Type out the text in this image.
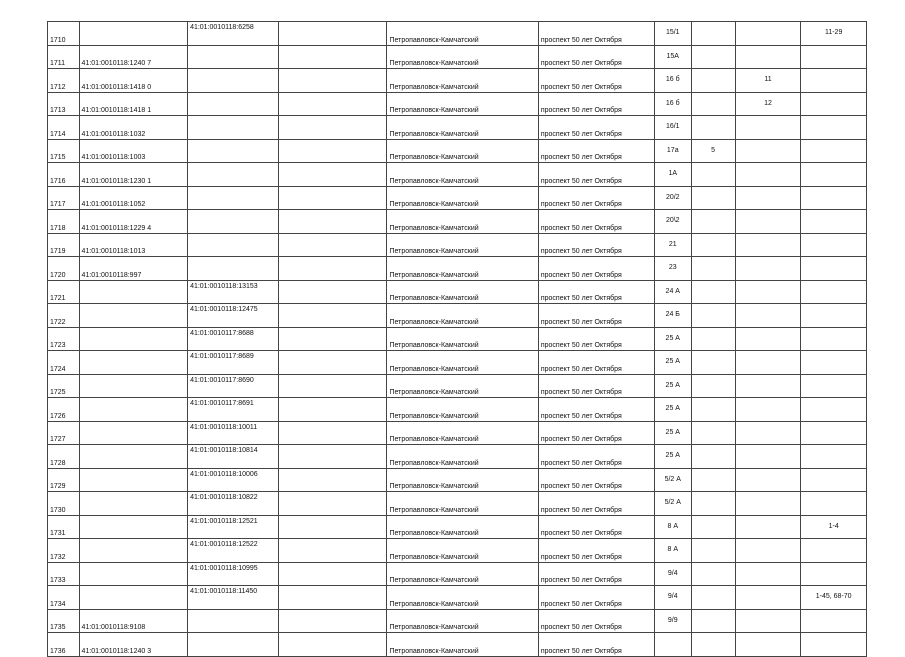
1710		41:01:0010118:6258		Петропавловск-Камчатский	проспект 50 лет Октября	15/1			11-29
1711	41:01:0010118:1240 7			Петропавловск-Камчатский	проспект 50 лет Октября	15А			
1712	41:01:0010118:1418 0			Петропавловск-Камчатский	проспект 50 лет Октября	16 б		11	
1713	41:01:0010118:1418 1			Петропавловск-Камчатский	проспект 50 лет Октября	16 б		12	
1714	41:01:0010118:1032			Петропавловск-Камчатский	проспект 50 лет Октября	16/1			
1715	41:01:0010118:1003			Петропавловск-Камчатский	проспект 50 лет Октября	17а	5		
1716	41:01:0010118:1230 1			Петропавловск-Камчатский	проспект 50 лет Октября	1А			
1717	41:01:0010118:1052			Петропавловск-Камчатский	проспект 50 лет Октября	20/2			
1718	41:01:0010118:1229 4			Петропавловск-Камчатский	проспект 50 лет Октября	20\2			
1719	41:01:0010118:1013			Петропавловск-Камчатский	проспект 50 лет Октября	21			
1720	41:01:0010118:997			Петропавловск-Камчатский	проспект 50 лет Октября	23			
1721		41:01:0010118:13153		Петропавловск-Камчатский	проспект 50 лет Октября	24 А			
1722		41:01:0010118:12475		Петропавловск-Камчатский	проспект 50 лет Октября	24 Б			
1723		41:01:0010117:8688		Петропавловск-Камчатский	проспект 50 лет Октября	25 А			
1724		41:01:0010117:8689		Петропавловск-Камчатский	проспект 50 лет Октября	25 А			
1725		41:01:0010117:8690		Петропавловск-Камчатский	проспект 50 лет Октября	25 А			
1726		41:01:0010117:8691		Петропавловск-Камчатский	проспект 50 лет Октября	25 А			
1727		41:01:0010118:10011		Петропавловск-Камчатский	проспект 50 лет Октября	25 А			
1728		41:01:0010118:10814		Петропавловск-Камчатский	проспект 50 лет Октября	25 А			
1729		41:01:0010118:10006		Петропавловск-Камчатский	проспект 50 лет Октября	5/2 А			
1730		41:01:0010118:10822		Петропавловск-Камчатский	проспект 50 лет Октября	5/2 А			
1731		41:01:0010118:12521		Петропавловск-Камчатский	проспект 50 лет Октября	8 А			1-4
1732		41:01:0010118:12522		Петропавловск-Камчатский	проспект 50 лет Октября	8 А			
1733		41:01:0010118:10995		Петропавловск-Камчатский	проспект 50 лет Октября	9/4			
1734		41:01:0010118:11450		Петропавловск-Камчатский	проспект 50 лет Октября	9/4			1-45, 68-70
1735	41:01:0010118:9108			Петропавловск-Камчатский	проспект 50 лет Октября	9/9			
1736	41:01:0010118:1240 3			Петропавловск-Камчатский	проспект 50 лет Октября				
